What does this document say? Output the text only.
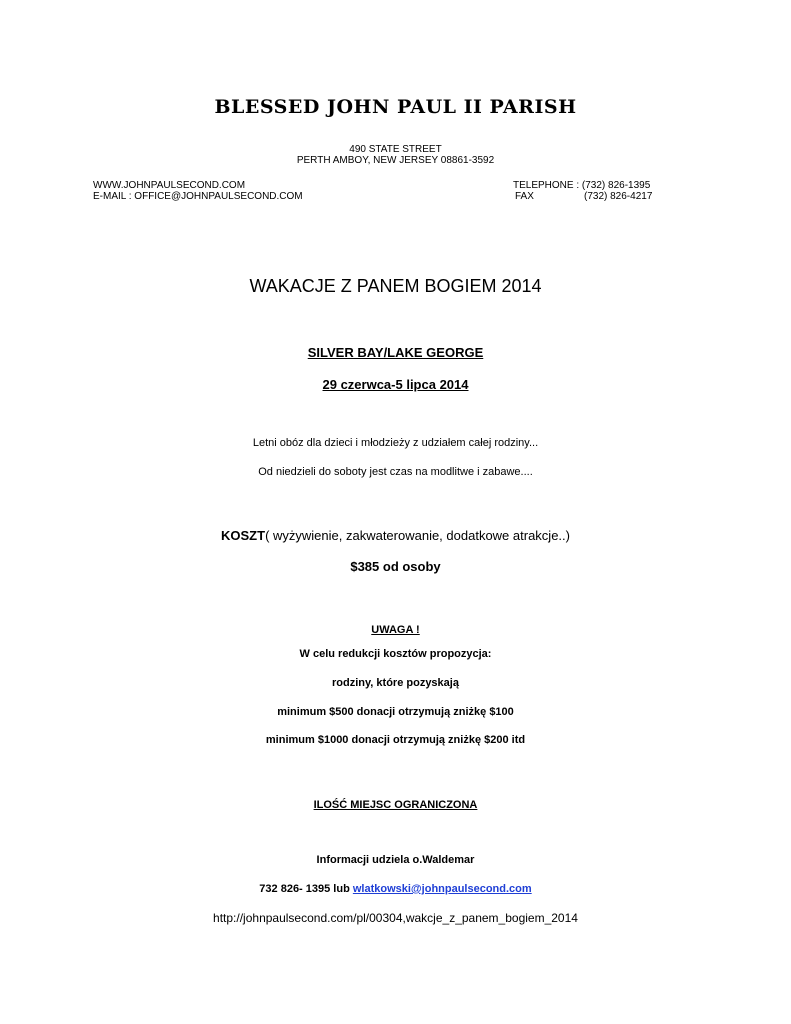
BLESSED JOHN PAUL II PARISH
490 STATE STREET
PERTH AMBOY, NEW JERSEY 08861-3592
WWW.JOHNPAULSECOND.COM
E-MAIL : OFFICE@JOHNPAULSECOND.COM
TELEPHONE : (732) 826-1395
FAX	(732) 826-4217
WAKACJE Z PANEM BOGIEM 2014
SILVER BAY/LAKE GEORGE
29 czerwca-5 lipca 2014
Letni obóz dla dzieci i młodzieży z udziałem całej rodziny...
Od niedzieli do soboty jest czas na modlitwe i zabawe....
KOSZT( wyżywienie, zakwaterowanie, dodatkowe atrakcje..)
$385 od osoby
UWAGA !
W celu redukcji kosztów propozycja:
rodziny, które pozyskają
minimum $500 donacji otrzymują zniżkę $100
minimum $1000 donacji otrzymują zniżkę $200 itd
ILOŚĆ MIEJSC OGRANICZONA
Informacji udziela o.Waldemar
732 826- 1395 lub wlatkowski@johnpaulsecond.com
http://johnpaulsecond.com/pl/00304,wakcje_z_panem_bogiem_2014
